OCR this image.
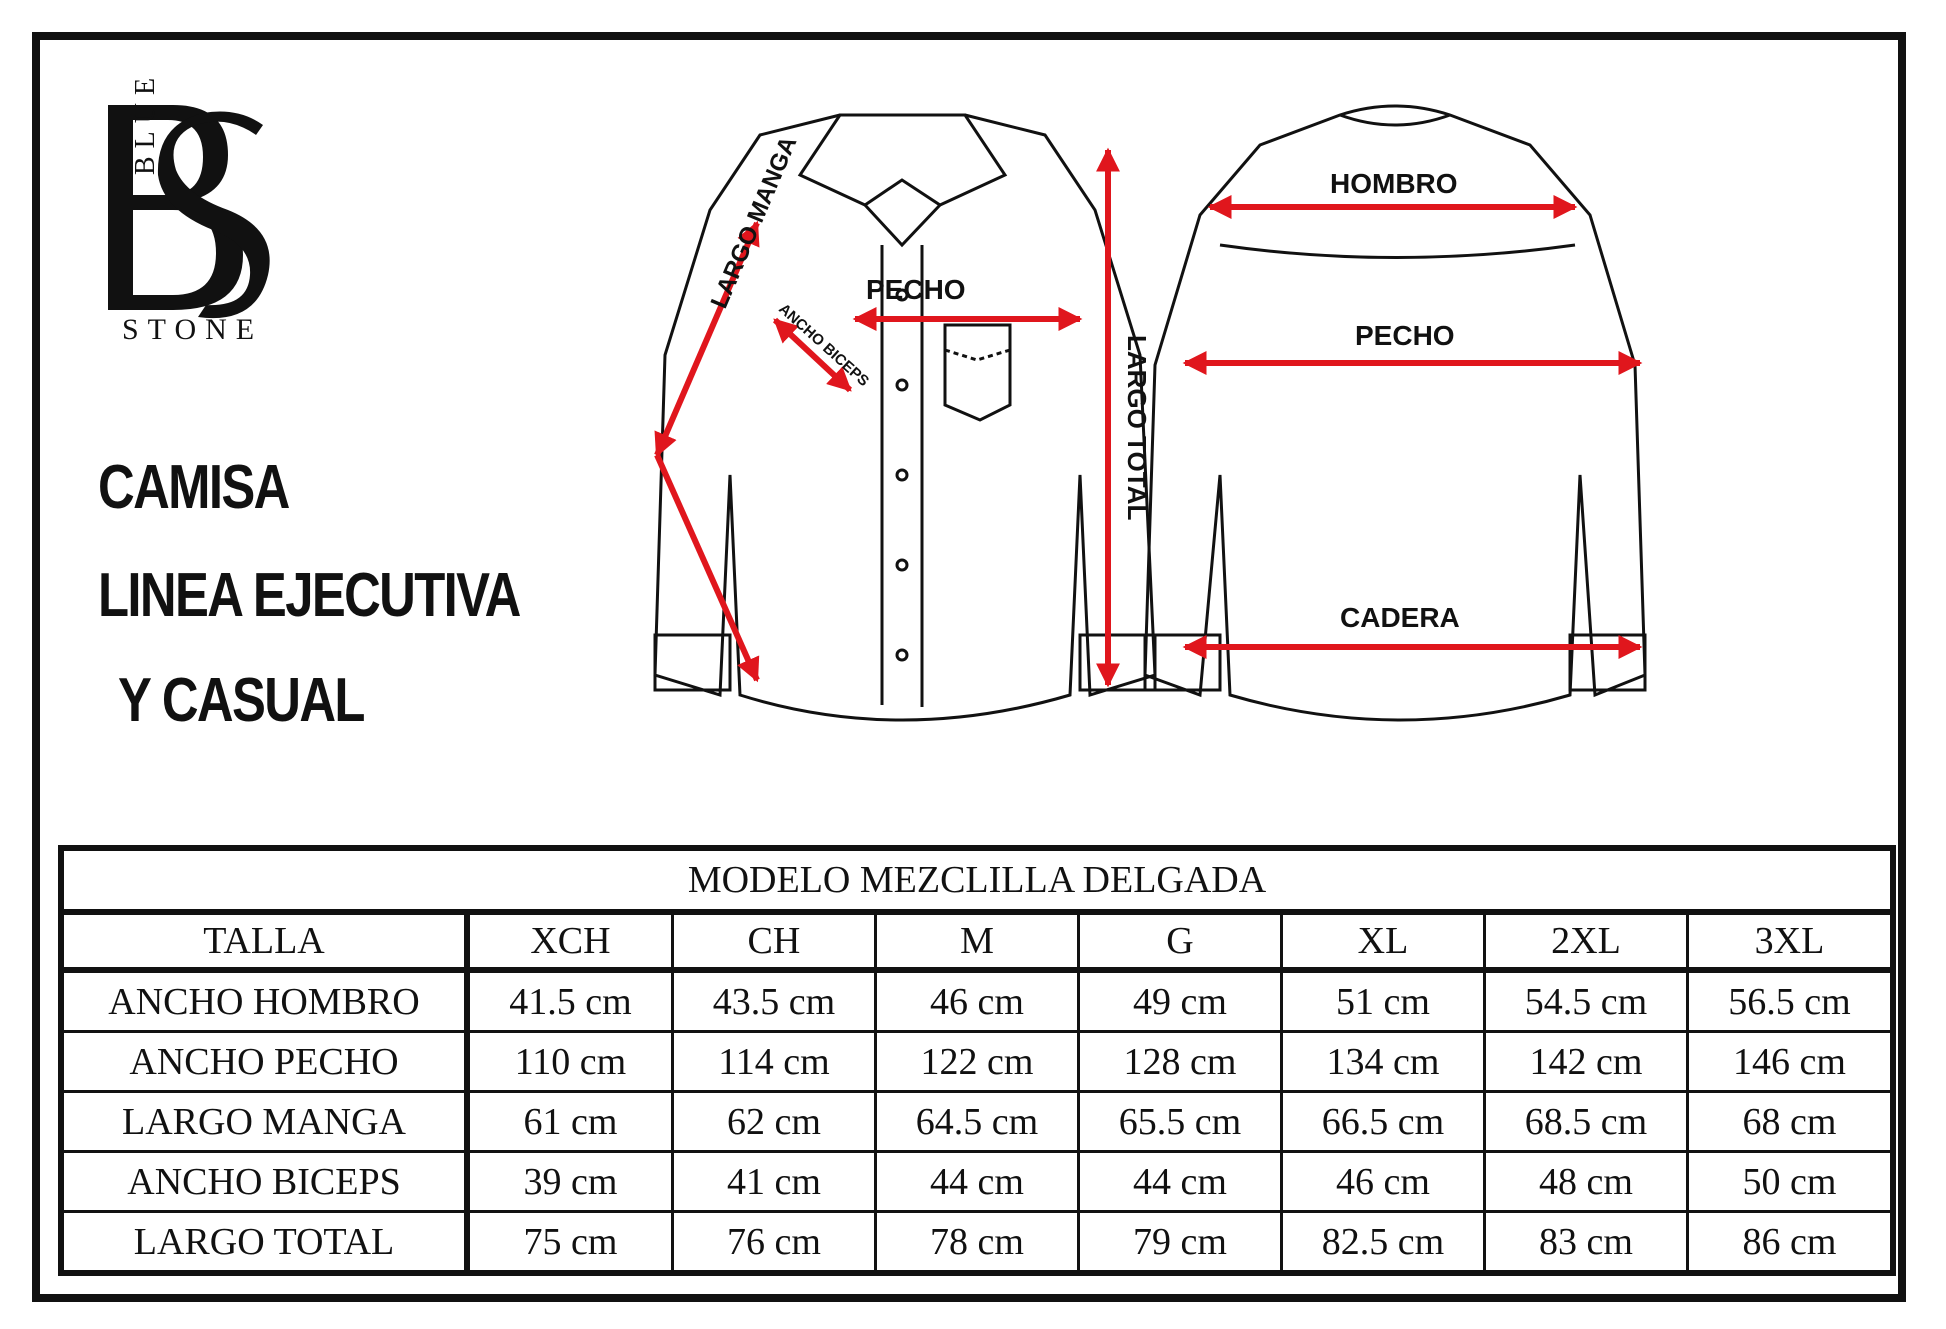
BLUE
STONE
CAMISA
LINEA EJECUTIVA
Y CASUAL
PECHO
LARGO MANGA
ANCHO BICEPS	LARGO TOTAL
HOMBRO
PECHO
CADERA
MODELO MEZCLILLA DELGADA							
TALLA	XCH	CH	M	G	XL	2XL	3XL
ANCHO HOMBRO	41.5 cm	43.5 cm	46 cm	49 cm	51 cm	54.5 cm	56.5 cm
ANCHO PECHO	110 cm	114 cm	122 cm	128 cm	134 cm	142 cm	146 cm
LARGO MANGA	61 cm	62 cm	64.5 cm	65.5 cm	66.5 cm	68.5 cm	68 cm
ANCHO BICEPS	39 cm	41 cm	44 cm	44 cm	46 cm	48 cm	50 cm
LARGO TOTAL	75 cm	76 cm	78 cm	79 cm	82.5 cm	83 cm	86 cm
